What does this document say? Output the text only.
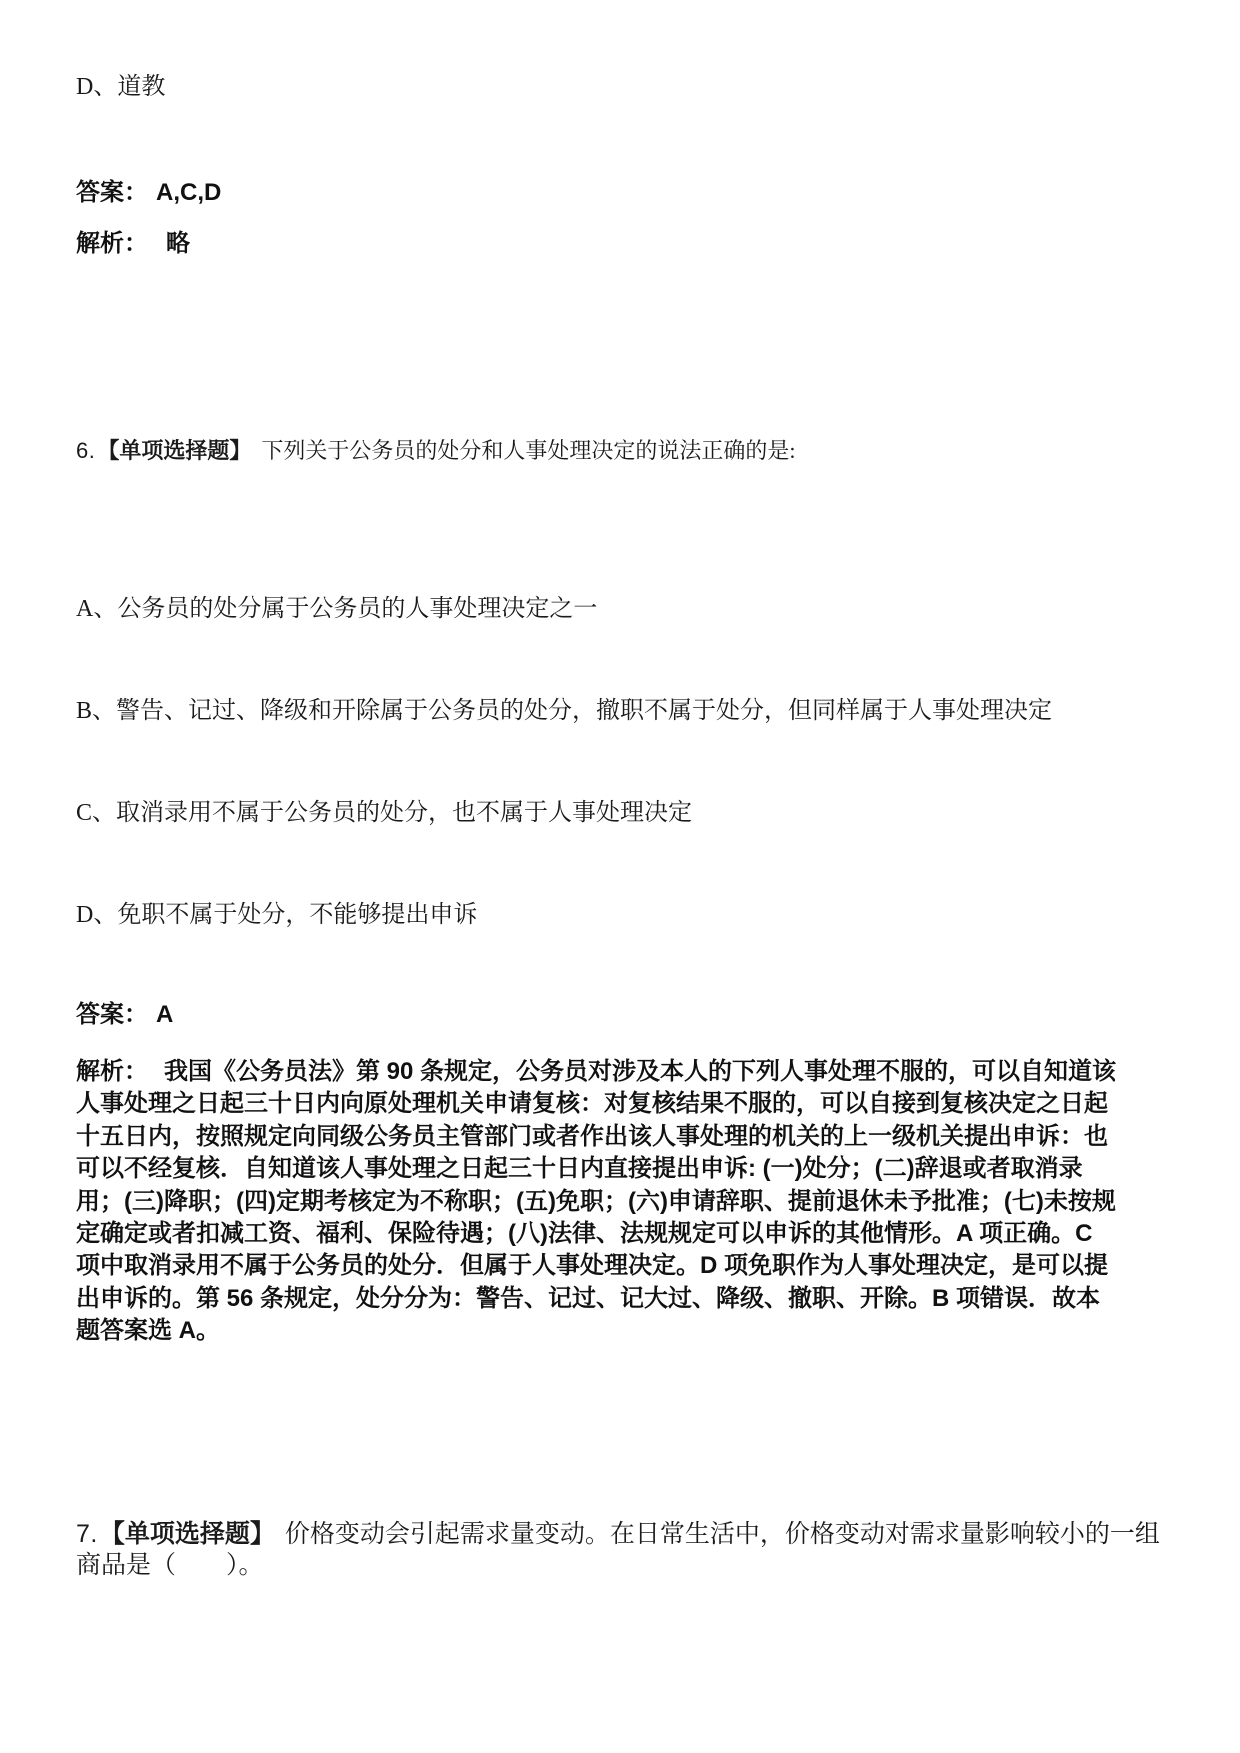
D、道教
答案： A,C,D
解析： 略
6.【单项选择题】 下列关于公务员的处分和人事处理决定的说法正确的是:
A、公务员的处分属于公务员的人事处理决定之一
B、警告、记过、降级和开除属于公务员的处分，撤职不属于处分，但同样属于人事处理决定
C、取消录用不属于公务员的处分，也不属于人事处理决定
D、免职不属于处分，不能够提出申诉
答案： A
解析： 我国《公务员法》第 90 条规定，公务员对涉及本人的下列人事处理不服的，可以自知道该
人事处理之日起三十日内向原处理机关申请复核：对复核结果不服的，可以自接到复核决定之日起
十五日内，按照规定向同级公务员主管部门或者作出该人事处理的机关的上一级机关提出申诉：也
可以不经复核．自知道该人事处理之日起三十日内直接提出申诉: (一)处分；(二)辞退或者取消录
用；(三)降职；(四)定期考核定为不称职；(五)免职；(六)申请辞职、提前退休未予批准；(七)未按规
定确定或者扣减工资、福利、保险待遇；(八)法律、法规规定可以申诉的其他情形。A 项正确。C
项中取消录用不属于公务员的处分．但属于人事处理决定。D 项免职作为人事处理决定，是可以提
出申诉的。第 56 条规定，处分分为：警告、记过、记大过、降级、撤职、开除。B 项错误．故本
题答案选 A。
7.【单项选择题】 价格变动会引起需求量变动。在日常生活中，价格变动对需求量影响较小的一组
商品是（　　）。
